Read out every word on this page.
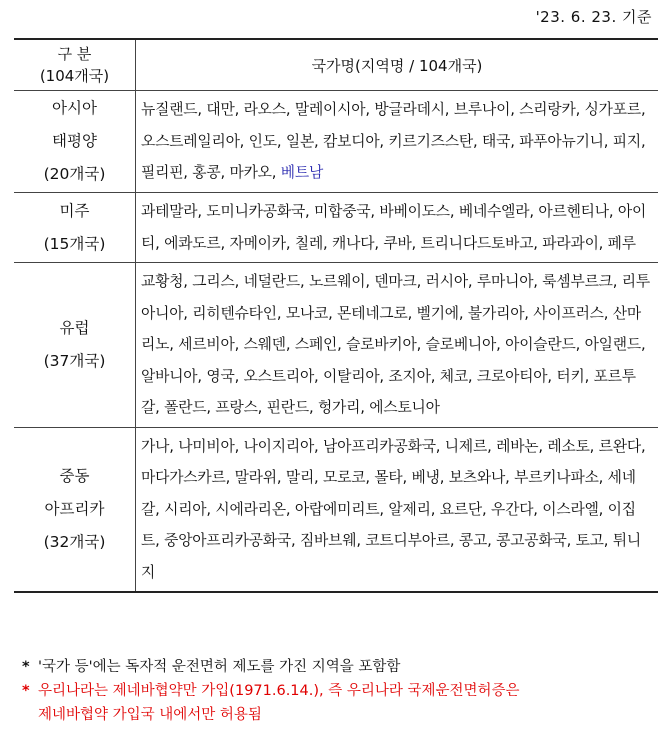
'23. 6. 23. 기준
구 분
(104개국)	국가명(지역명 / 104개국)

아시아
태평양
(20개국)	뉴질랜드, 대만, 라오스, 말레이시아, 방글라데시, 브루나이, 스리랑카, 싱가포르, 오스트레일리아, 인도, 일본, 캄보디아, 키르기즈스탄, 태국, 파푸아뉴기니, 피지, 필리핀, 홍콩, 마카오, 베트남

미주
(15개국)	과테말라, 도미니카공화국, 미합중국, 바베이도스, 베네수엘라, 아르헨티나, 아이티, 에콰도르, 자메이카, 칠레, 캐나다, 쿠바, 트리니다드토바고, 파라과이, 페루

유럽
(37개국)	교황청, 그리스, 네덜란드, 노르웨이, 덴마크, 러시아, 루마니아, 룩셈부르크, 리투아니아, 리히텐슈타인, 모나코, 몬테네그로, 벨기에, 불가리아, 사이프러스, 산마리노, 세르비아, 스웨덴, 스페인, 슬로바키아, 슬로베니아, 아이슬란드, 아일랜드, 알바니아, 영국, 오스트리아, 이탈리아, 조지아, 체코, 크로아티아, 터키, 포르투갈, 폴란드, 프랑스, 핀란드, 헝가리, 에스토니아

중동
아프리카
(32개국)	가나, 나미비아, 나이지리아, 남아프리카공화국, 니제르, 레바논, 레소토, 르완다, 마다가스카르, 말라위, 말리, 모로코, 몰타, 베냉, 보츠와나, 부르키나파소, 세네갈, 시리아, 시에라리온, 아랍에미리트, 알제리, 요르단, 우간다, 이스라엘, 이집트, 중앙아프리카공화국, 짐바브웨, 코트디부아르, 콩고, 콩고공화국, 토고, 튀니지
* '국가 등'에는 독자적 운전면허 제도를 가진 지역을 포함함
* 우리나라는 제네바협약만 가입(1971.6.14.), 즉 우리나라 국제운전면허증은
제네바협약 가입국 내에서만 허용됨
